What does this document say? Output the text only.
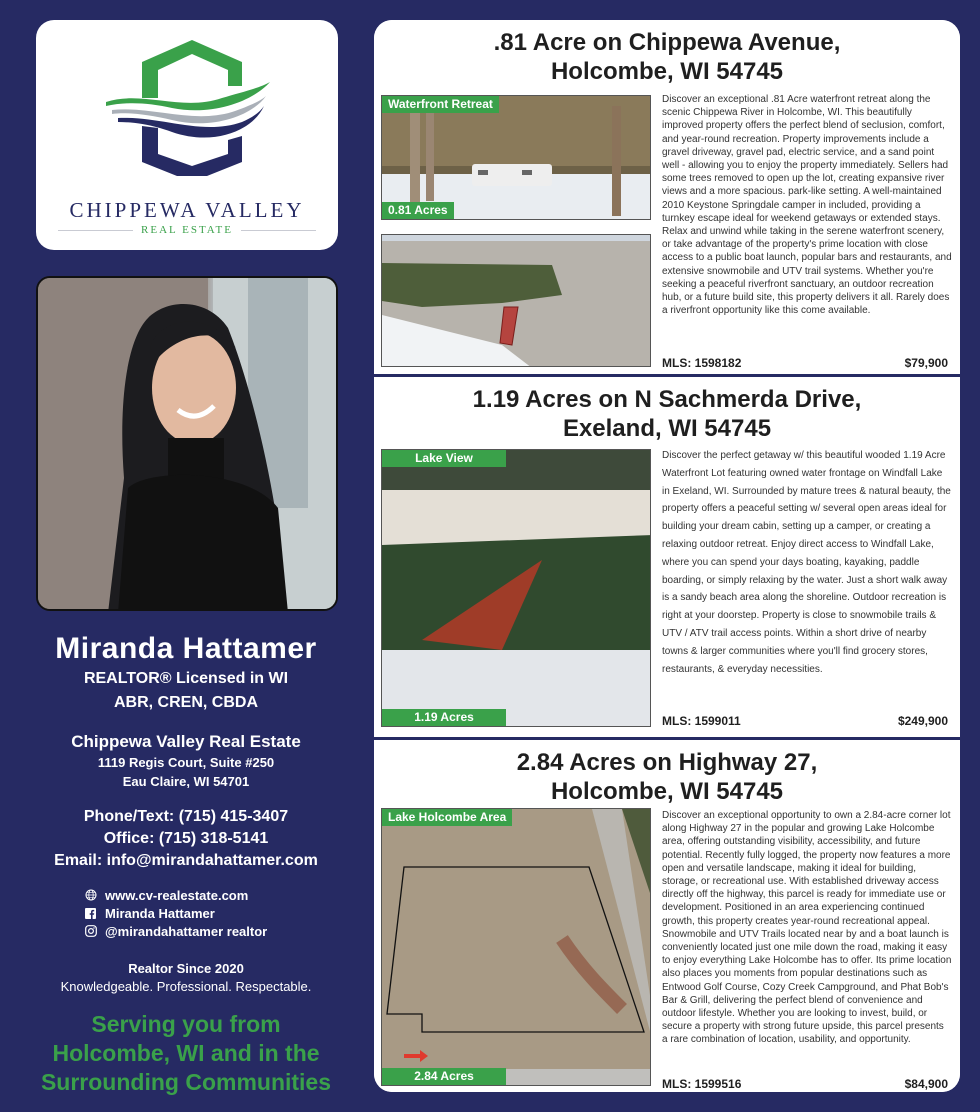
CHIPPEWA VALLEY
REAL ESTATE
Miranda Hattamer
REALTOR® Licensed in WI
ABR, CREN, CBDA
Chippewa Valley Real Estate
1119 Regis Court, Suite #250
Eau Claire, WI 54701
Phone/Text: (715) 415-3407
Office: (715) 318-5141
Email: info@mirandahattamer.com
www.cv-realestate.com
Miranda Hattamer
@mirandahattamer realtor
Realtor Since 2020
Knowledgeable. Professional. Respectable.
Serving you from
Holcombe, WI and in the
Surrounding Communities
.81 Acre on Chippewa Avenue,
Holcombe, WI 54745
Waterfront Retreat
0.81 Acres
Discover an exceptional .81 Acre waterfront retreat along the scenic Chippewa River in Holcombe, WI. This beautifully improved property offers the perfect blend of seclusion, comfort, and year-round recreation. Property improvements include a gravel driveway, gravel pad, electric service, and a sand point well - allowing you to enjoy the property immediately. Sellers had some trees removed to open up the lot, creating expansive river views and a more spacious. park-like setting. A well-maintained 2010 Keystone Springdale camper in included, providing a turnkey escape ideal for weekend getaways or extended stays. Relax and unwind while taking in the serene waterfront scenery, or take advantage of the property's prime location with close access to a public boat launch, popular bars and restaurants, and extensive snowmobile and UTV trail systems. Whether you're seeking a peaceful riverfront sanctuary, an outdoor recreation hub, or a future build site, this property delivers it all. Rarely does a riverfront opportunity like this come available.
MLS: 1598182	$79,900
1.19 Acres on N Sachmerda Drive,
Exeland, WI 54745
Lake View
1.19 Acres
Discover the perfect getaway w/ this beautiful wooded 1.19 Acre Waterfront Lot featuring owned water frontage on Windfall Lake in Exeland, WI. Surrounded by mature trees & natural beauty, the property offers a peaceful setting w/ several open areas ideal for building your dream cabin, setting up a camper, or creating a relaxing outdoor retreat. Enjoy direct access to Windfall Lake, where you can spend your days boating, kayaking, paddle boarding, or simply relaxing by the water. Just a short walk away is a sandy beach area along the shoreline. Outdoor recreation is right at your doorstep. Property is close to snowmobile trails & UTV / ATV trail access points. Within a short drive of nearby towns & larger communities where you'll find grocery stores, restaurants, & everyday necessities.
MLS: 1599011	$249,900
2.84 Acres on Highway 27,
Holcombe, WI 54745
Lake Holcombe Area
2.84 Acres
Discover an exceptional opportunity to own a 2.84-acre corner lot along Highway 27 in the popular and growing Lake Holcombe area, offering outstanding visibility, accessibility, and future potential. Recently fully logged, the property now features a more open and versatile landscape, making it ideal for building, storage, or recreational use. With established driveway access directly off the highway, this parcel is ready for immediate use or development. Positioned in an area experiencing continued growth, this property creates year-round recreational appeal. Snowmobile and UTV Trails located near by and a boat launch is conveniently located just one mile down the road, making it easy to enjoy everything Lake Holcombe has to offer. Its prime location also places you moments from popular destinations such as Entwood Golf Course, Cozy Creek Campground, and Phat Bob's Bar & Grill, delivering the perfect blend of convenience and outdoor lifestyle. Whether you are looking to invest, build, or secure a property with strong future upside, this parcel presents a rare combination of location, usability, and opportunity.
MLS: 1599516	$84,900
